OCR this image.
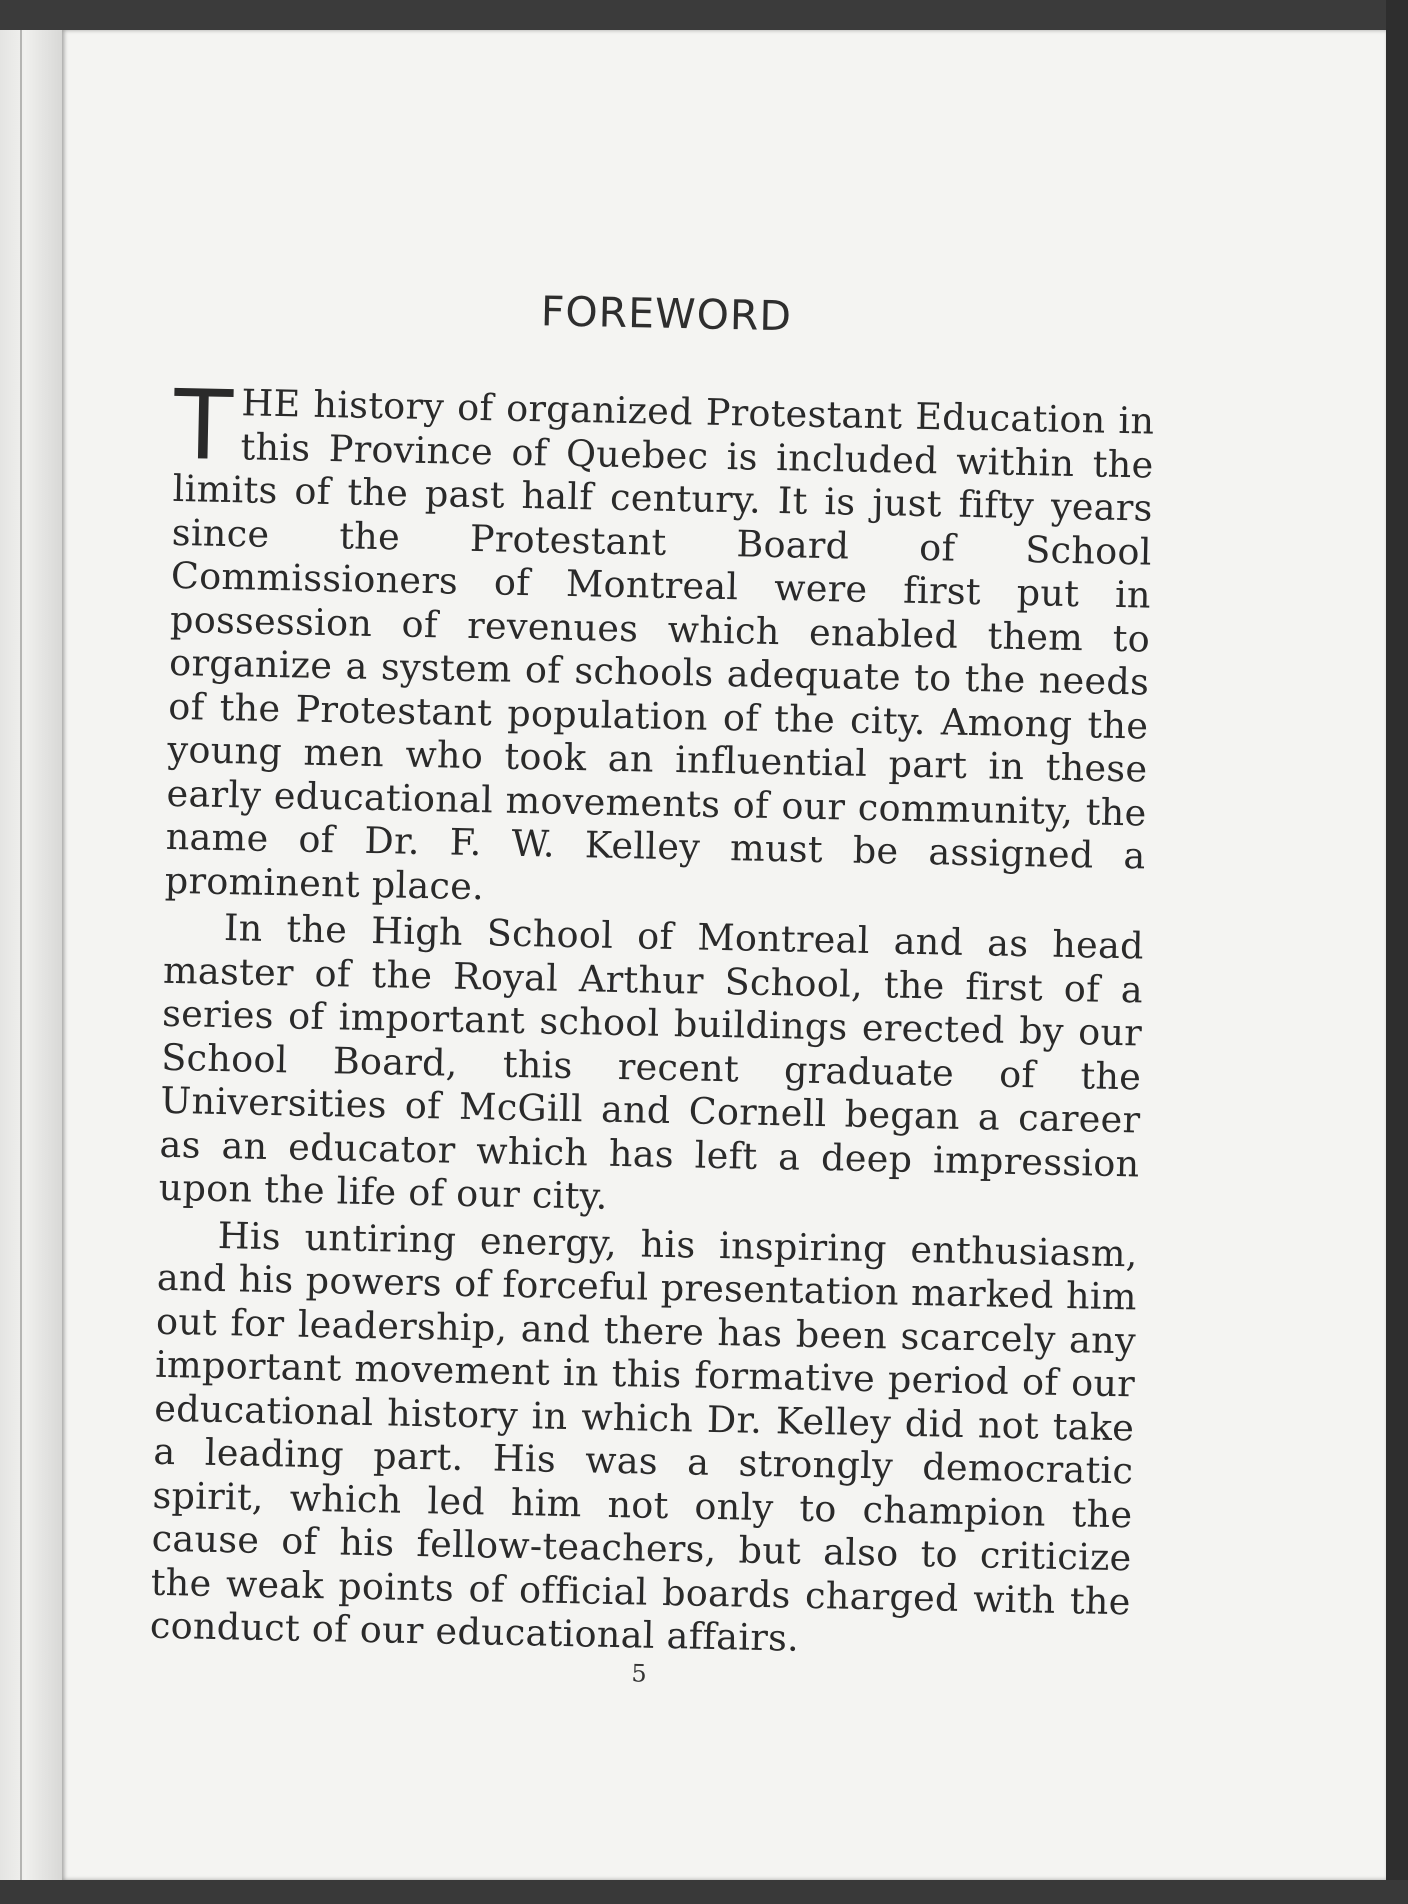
FOREWORD

THE history of organized Protestant Education in this Province of Quebec is included within the limits of the past half century. It is just fifty years since the Protestant Board of School Commissioners of Montreal were first put in possession of revenues which enabled them to organize a system of schools adequate to the needs of the Protestant population of the city. Among the young men who took an influential part in these early educational movements of our community, the name of Dr. F. W. Kelley must be assigned a prominent place.

In the High School of Montreal and as head master of the Royal Arthur School, the first of a series of important school buildings erected by our School Board, this recent graduate of the Universities of McGill and Cornell began a career as an educator which has left a deep impression upon the life of our city.

His untiring energy, his inspiring enthusiasm, and his powers of forceful presentation marked him out for leadership, and there has been scarcely any important movement in this formative period of our educational history in which Dr. Kelley did not take a leading part. His was a strongly democratic spirit, which led him not only to champion the cause of his fellow-teachers, but also to criticize the weak points of official boards charged with the conduct of our educational affairs.

5
